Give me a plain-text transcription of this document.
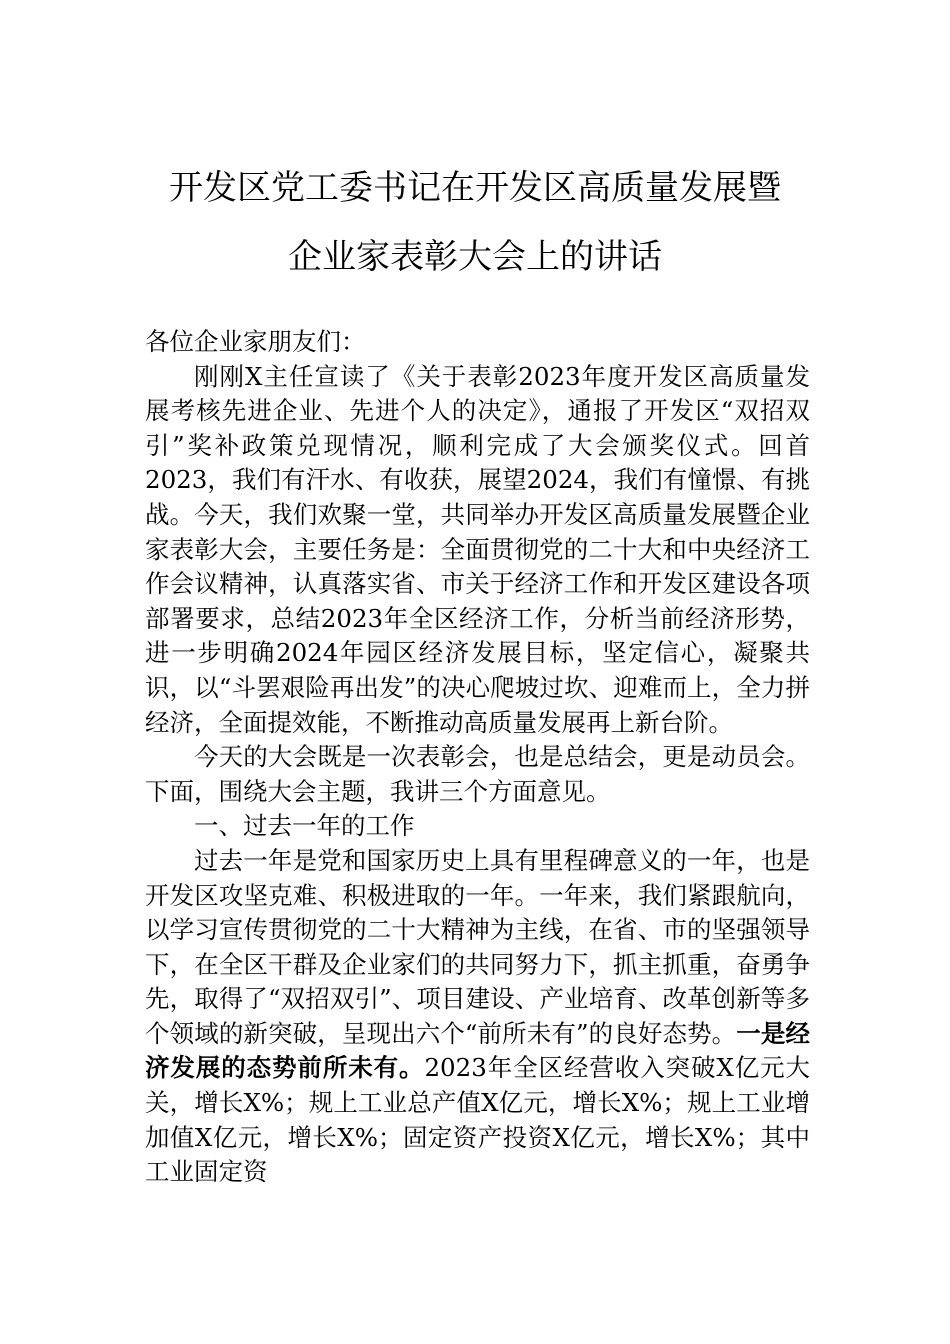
开发区党工委书记在开发区高质量发展暨
企业家表彰大会上的讲话

各位企业家朋友们：

刚刚X主任宣读了《关于表彰2023年度开发区高质量发展考核先进企业、先进个人的决定》，通报了开发区“双招双引”奖补政策兑现情况，顺利完成了大会颁奖仪式。回首2023，我们有汗水、有收获，展望2024，我们有憧憬、有挑战。今天，我们欢聚一堂，共同举办开发区高质量发展暨企业家表彰大会，主要任务是：全面贯彻党的二十大和中央经济工作会议精神，认真落实省、市关于经济工作和开发区建设各项部署要求，总结2023年全区经济工作，分析当前经济形势，进一步明确2024年园区经济发展目标，坚定信心，凝聚共识，以“斗罢艰险再出发”的决心爬坡过坎、迎难而上，全力拼经济，全面提效能，不断推动高质量发展再上新台阶。

今天的大会既是一次表彰会，也是总结会，更是动员会。下面，围绕大会主题，我讲三个方面意见。

一、过去一年的工作

过去一年是党和国家历史上具有里程碑意义的一年，也是开发区攻坚克难、积极进取的一年。一年来，我们紧跟航向，以学习宣传贯彻党的二十大精神为主线，在省、市的坚强领导下，在全区干群及企业家们的共同努力下，抓主抓重，奋勇争先，取得了“双招双引”、项目建设、产业培育、改革创新等多个领域的新突破，呈现出六个“前所未有”的良好态势。一是经济发展的态势前所未有。2023年全区经营收入突破X亿元大关，增长X%；规上工业总产值X亿元，增长X%；规上工业增加值X亿元，增长X%；固定资产投资X亿元，增长X%；其中工业固定资
